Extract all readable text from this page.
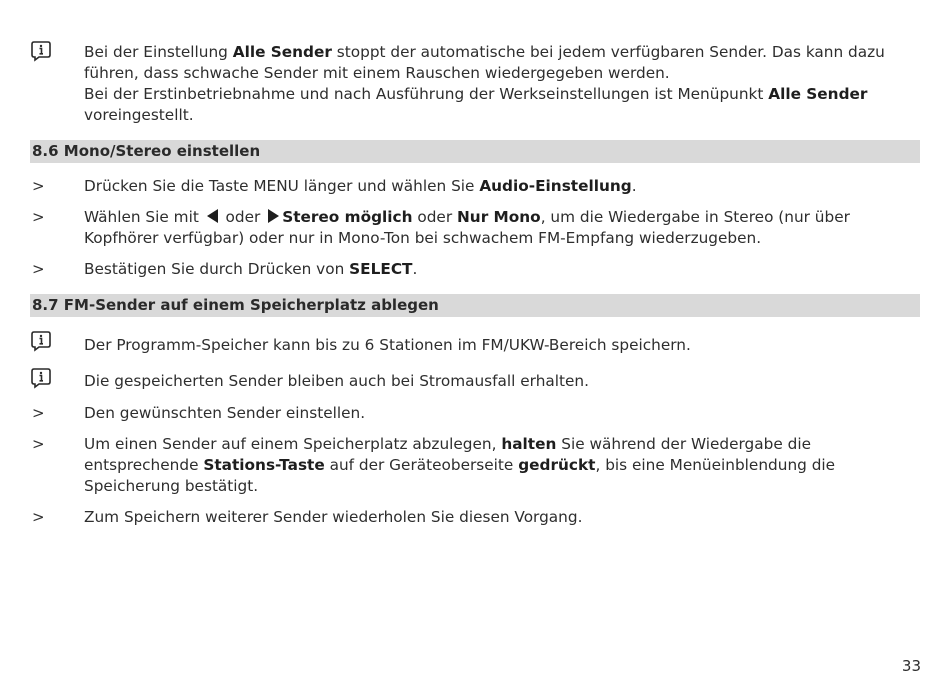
Bei der Einstellung Alle Sender stoppt der automatische bei jedem verfügbaren Sender. Das kann dazu
führen, dass schwache Sender mit einem Rauschen wiedergegeben werden.
Bei der Erstinbetriebnahme und nach Ausführung der Werkseinstellungen ist Menüpunkt Alle Sender
voreingestellt.
8.6 Mono/Stereo einstellen
>	Drücken Sie die Taste MENU länger und wählen Sie Audio-Einstellung.
>	Wählen Sie mit  oder Stereo möglich oder Nur Mono, um die Wiedergabe in Stereo (nur über
Kopfhörer verfügbar) oder nur in Mono-Ton bei schwachem FM-Empfang wiederzugeben.
>	Bestätigen Sie durch Drücken von SELECT.
8.7 FM-Sender auf einem Speicherplatz ablegen
Der Programm-Speicher kann bis zu 6 Stationen im FM/UKW-Bereich speichern.
Die gespeicherten Sender bleiben auch bei Stromausfall erhalten.
>	Den gewünschten Sender einstellen.
>	Um einen Sender auf einem Speicherplatz abzulegen, halten Sie während der Wiedergabe die
entsprechende Stations-Taste auf der Geräteoberseite gedrückt, bis eine Menüeinblendung die
Speicherung bestätigt.
>	Zum Speichern weiterer Sender wiederholen Sie diesen Vorgang.
33
